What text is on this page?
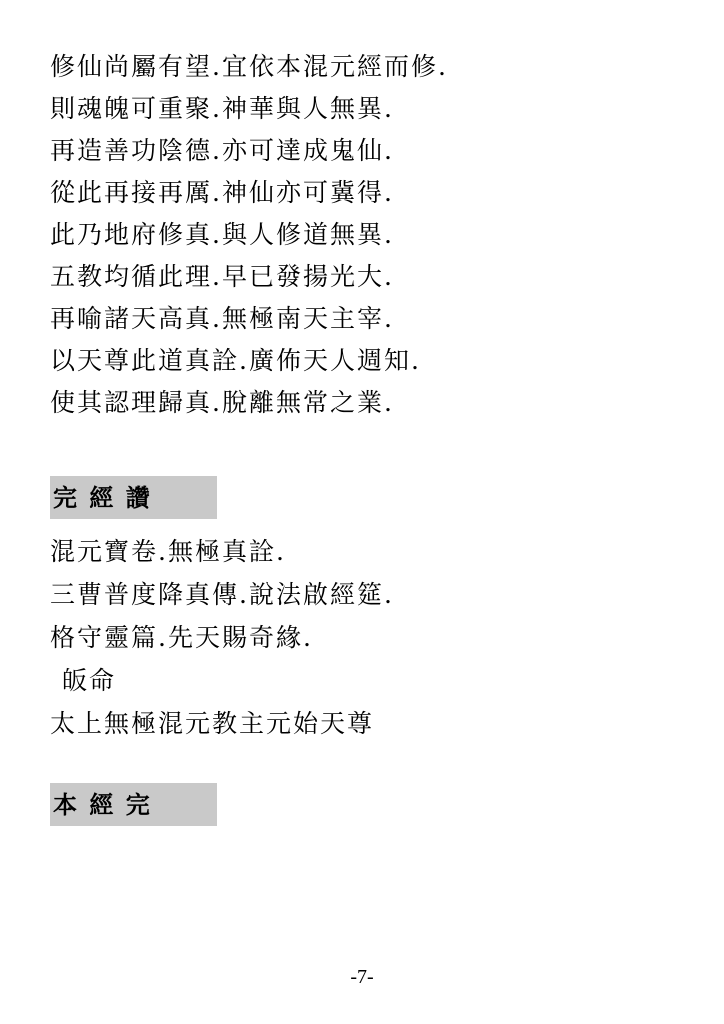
修仙尚屬有望.宜依本混元經而修.
則魂魄可重聚.神華與人無異.
再造善功陰德.亦可達成鬼仙.
從此再接再厲.神仙亦可冀得.
此乃地府修真.與人修道無異.
五教均循此理.早已發揚光大.
再喻諸天高真.無極南天主宰.
以天尊此道真詮.廣佈天人週知.
使其認理歸真.脫離無常之業.
完 經 讚
混元寶卷.無極真詮.
三曹普度降真傳.說法啟經筵.
格守靈篇.先天賜奇緣.
皈命
太上無極混元教主元始天尊
本 經 完
-7-
